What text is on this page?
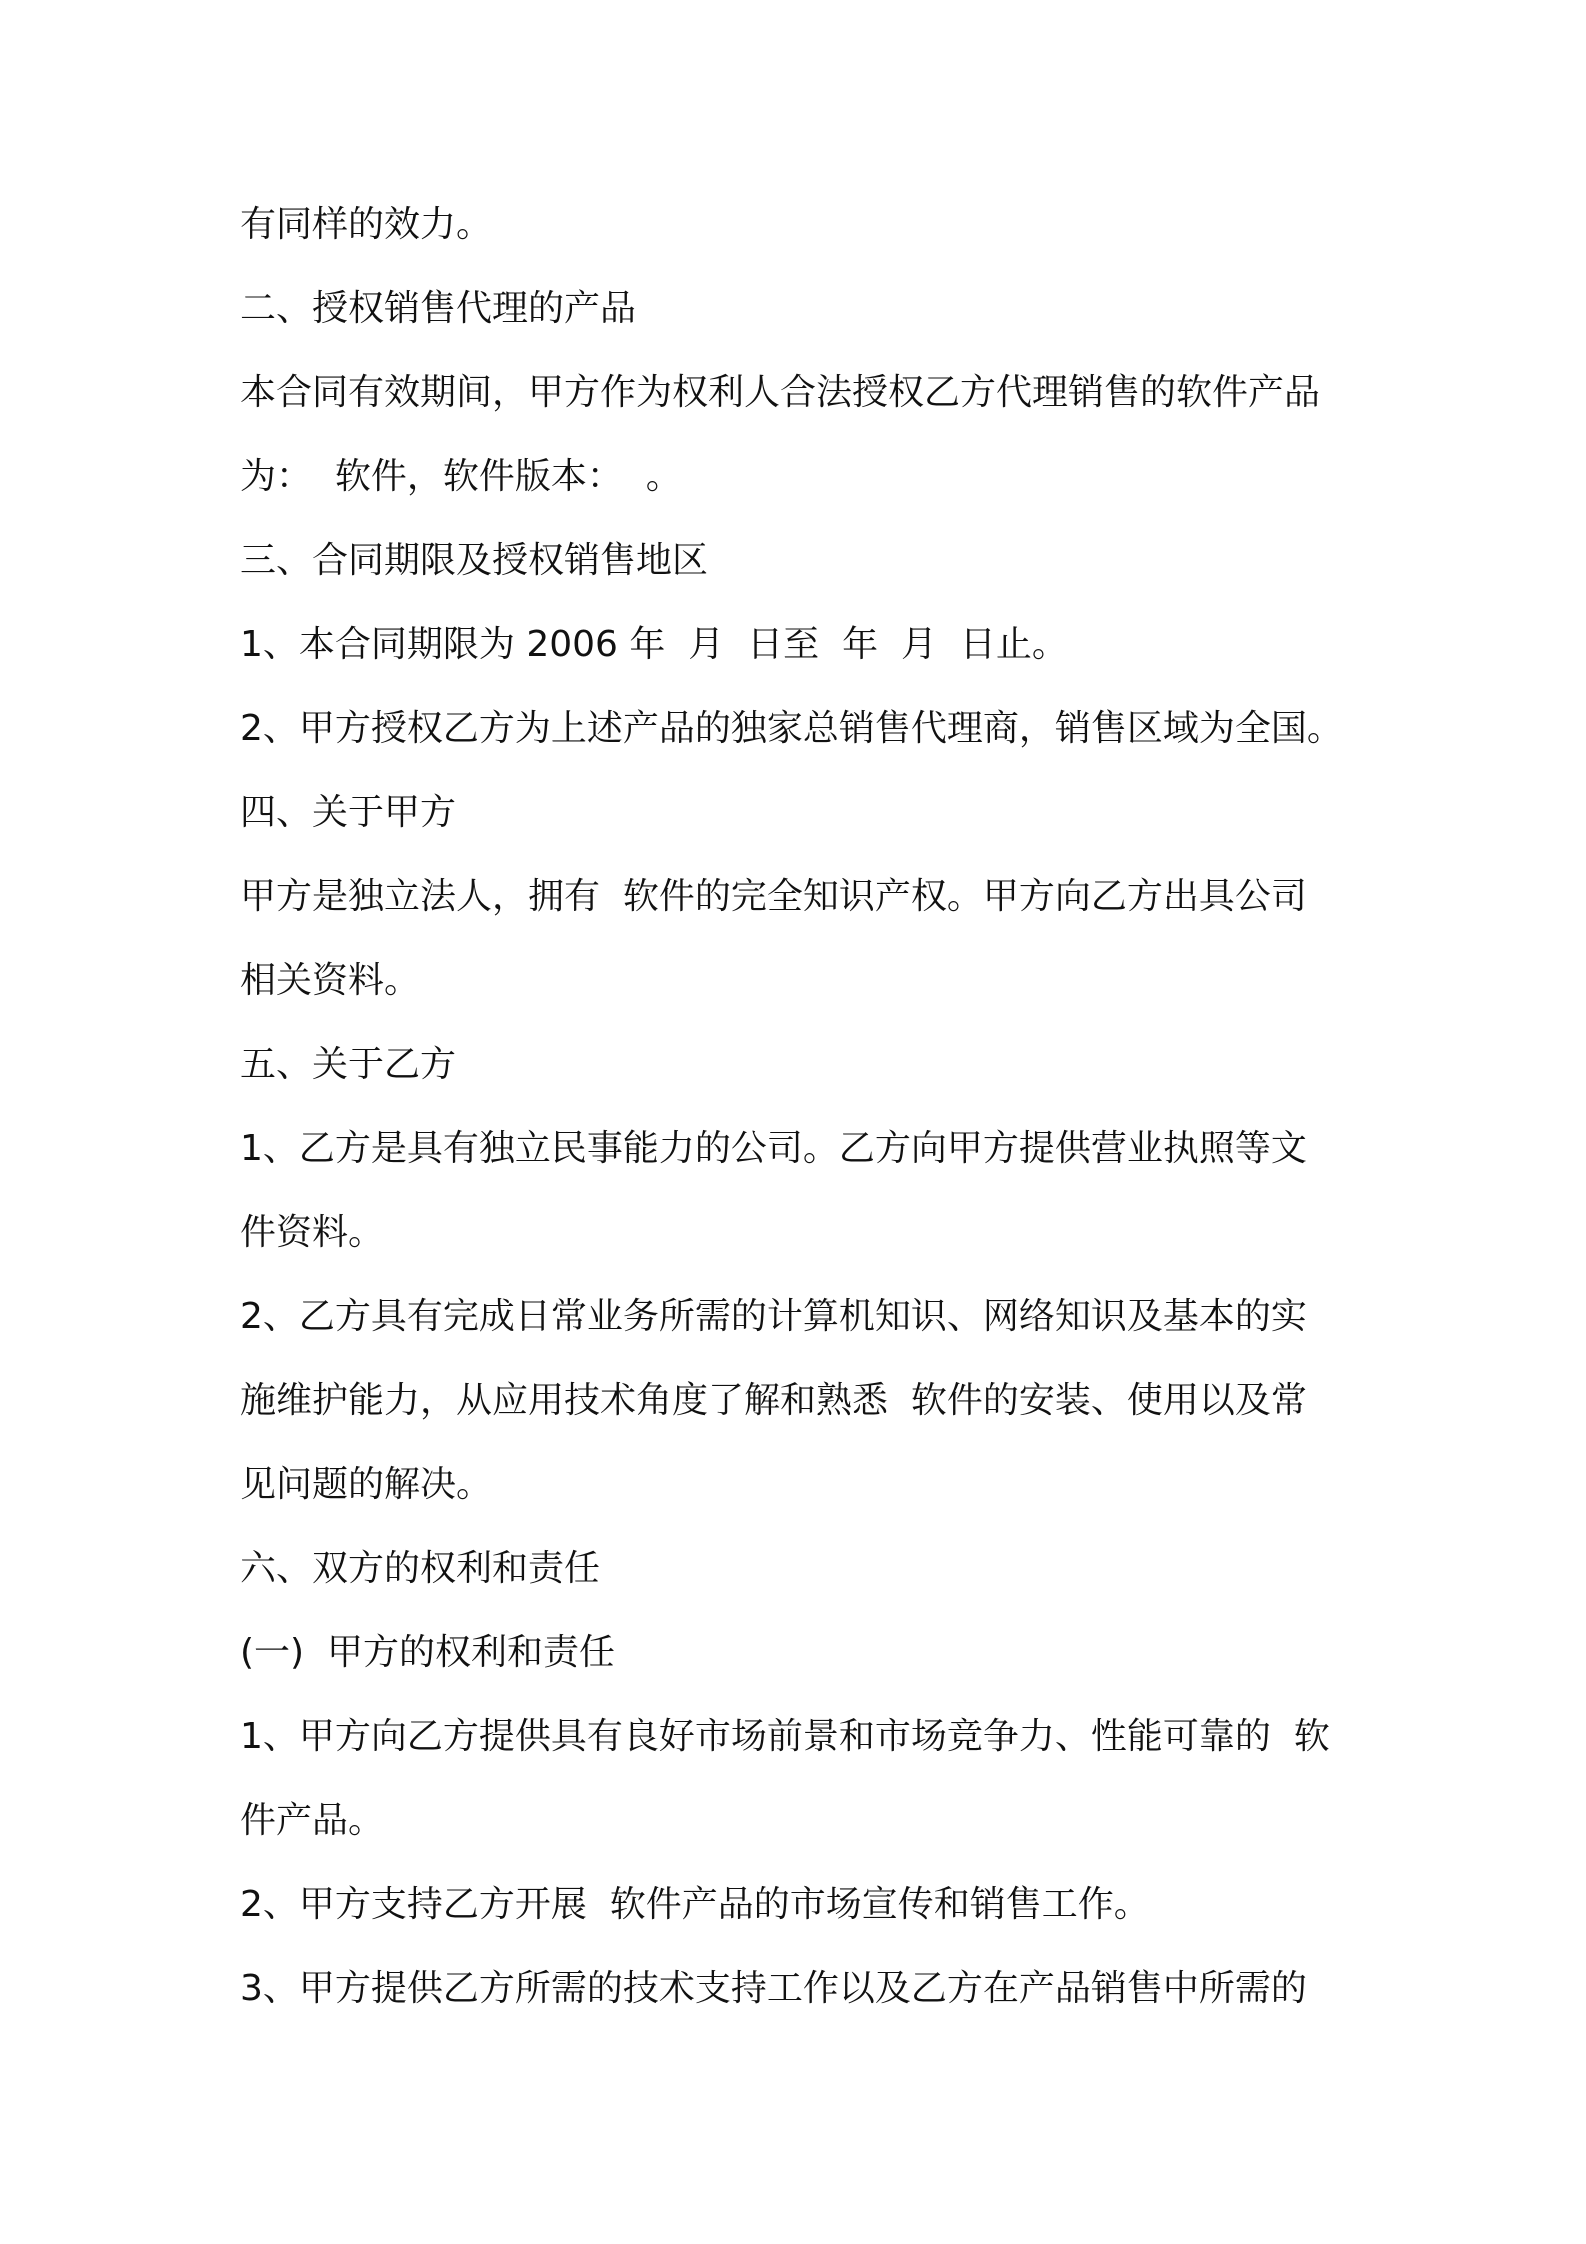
有同样的效力。
二、授权销售代理的产品
本合同有效期间，甲方作为权利人合法授权乙方代理销售的软件产品
为：  软件，软件版本：  。
三、合同期限及授权销售地区
1、本合同期限为 2006 年  月  日至  年  月  日止。
2、甲方授权乙方为上述产品的独家总销售代理商，销售区域为全国。
四、关于甲方
甲方是独立法人，拥有  软件的完全知识产权。甲方向乙方出具公司
相关资料。
五、关于乙方
1、乙方是具有独立民事能力的公司。乙方向甲方提供营业执照等文
件资料。
2、乙方具有完成日常业务所需的计算机知识、网络知识及基本的实
施维护能力，从应用技术角度了解和熟悉  软件的安装、使用以及常
见问题的解决。
六、双方的权利和责任
(一)  甲方的权利和责任
1、甲方向乙方提供具有良好市场前景和市场竞争力、性能可靠的  软
件产品。
2、甲方支持乙方开展  软件产品的市场宣传和销售工作。
3、甲方提供乙方所需的技术支持工作以及乙方在产品销售中所需的
